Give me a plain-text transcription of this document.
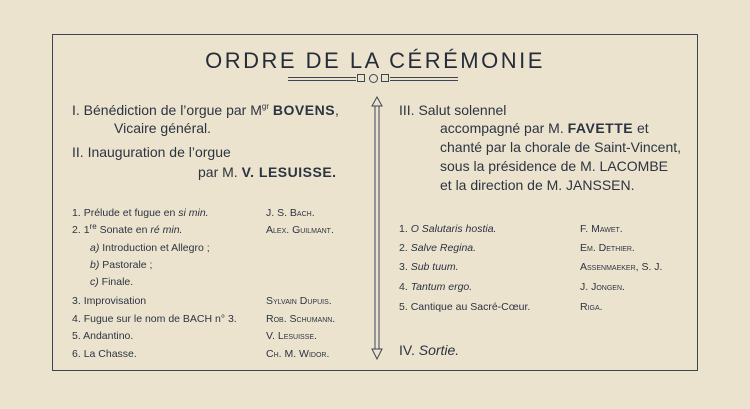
ORDRE DE LA CÉRÉMONIE
I. Bénédiction de l’orgue par $M^{gr}$ BOVENS,
Vicaire général.
II. Inauguration de l’orgue
par M. V. LESUISSE.
1. Prélude et fugue en si min.	J. S. Bach.
2. 1re Sonate en ré min.	Alex. Guilmant.
a) Introduction et Allegro ;
b) Pastorale ;
c) Finale.
3. Improvisation	Sylvain Dupuis.
4. Fugue sur le nom de BACH n° 3.	Rob. Schumann.
5. Andantino.	V. Lesuisse.
6. La Chasse.	Ch. M. Widor.
III. Salut solennel
accompagné par M. FAVETTE et
chanté par la chorale de Saint-Vincent,
sous la présidence de M. LACOMBE
et la direction de M. JANSSEN.
1. O Salutaris hostia.	F. Mawet.
2. Salve Regina.	Em. Dethier.
3. Sub tuum.	Assenmaeker, S. J.
4. Tantum ergo.	J. Jongen.
5. Cantique au Sacré-Cœur.	Riga.
IV. Sortie.
